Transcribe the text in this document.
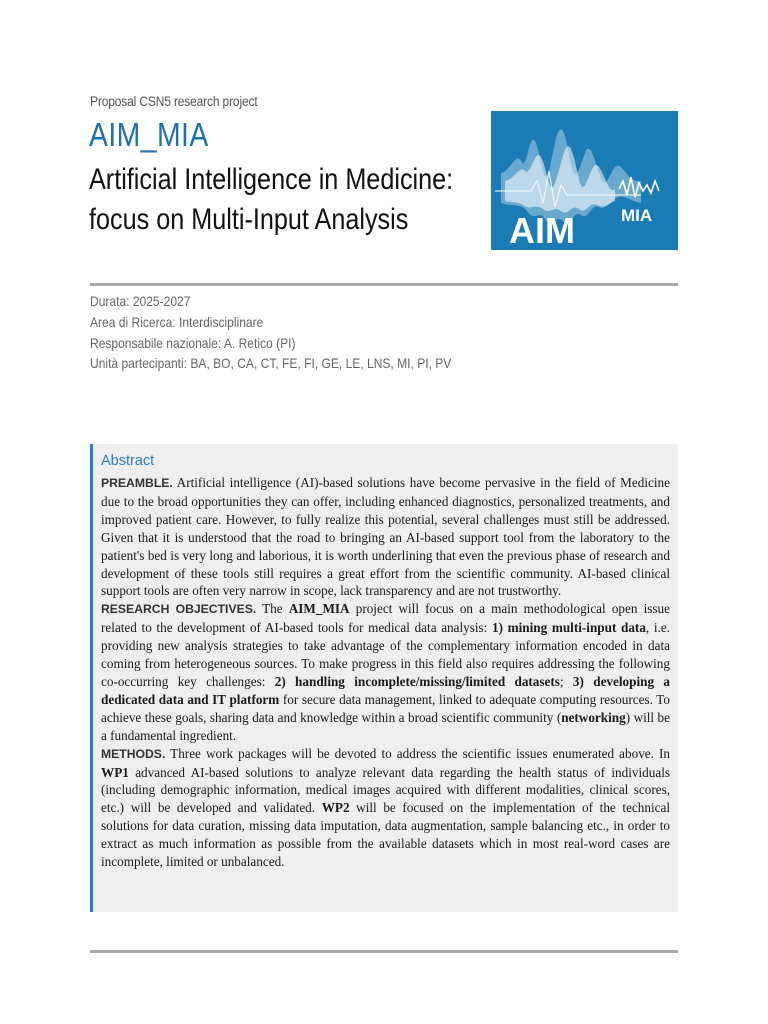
Proposal CSN5 research project
AIM_MIA
Artificial Intelligence in Medicine:
focus on Multi-Input Analysis	AIM	MIA
Durata: 2025-2027
Area di Ricerca: Interdisciplinare
Responsabile nazionale: A. Retico (PI)
Unità partecipanti: BA, BO, CA, CT, FE, FI, GE, LE, LNS, MI, PI, PV
Abstract

PREAMBLE. Artificial intelligence (AI)-based solutions have become pervasive in the field of Medicine due to the broad opportunities they can offer, including enhanced diagnostics, personalized treatments, and improved patient care. However, to fully realize this potential, several challenges must still be addressed. Given that it is understood that the road to bringing an AI-based support tool from the laboratory to the patient's bed is very long and laborious, it is worth underlining that even the previous phase of research and development of these tools still requires a great effort from the scientific community. AI-based clinical support tools are often very narrow in scope, lack transparency and are not trustworthy.

RESEARCH OBJECTIVES. The AIM_MIA project will focus on a main methodological open issue related to the development of AI-based tools for medical data analysis: 1) mining multi-input data, i.e. providing new analysis strategies to take advantage of the complementary information encoded in data coming from heterogeneous sources. To make progress in this field also requires addressing the following co-occurring key challenges: 2) handling incomplete/missing/limited datasets; 3) developing a dedicated data and IT platform for secure data management, linked to adequate computing resources. To achieve these goals, sharing data and knowledge within a broad scientific community (networking) will be a fundamental ingredient.

METHODS. Three work packages will be devoted to address the scientific issues enumerated above. In WP1 advanced AI-based solutions to analyze relevant data regarding the health status of individuals (including demographic information, medical images acquired with different modalities, clinical scores, etc.) will be developed and validated. WP2 will be focused on the implementation of the technical solutions for data curation, missing data imputation, data augmentation, sample balancing etc., in order to extract as much information as possible from the available datasets which in most real-word cases are incomplete, limited or unbalanced.
